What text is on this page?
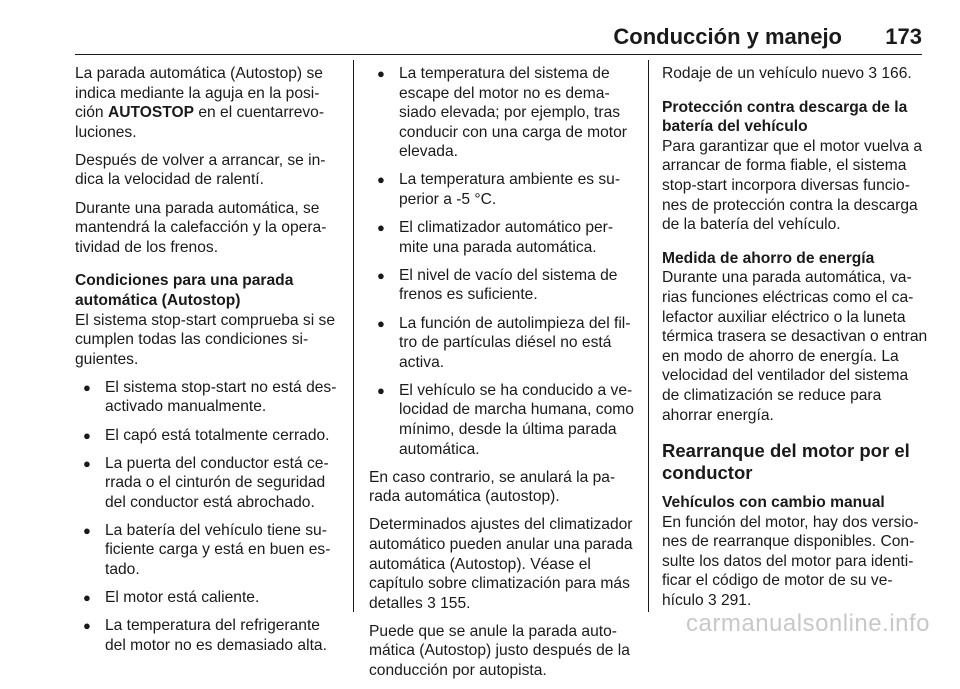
Conducción y manejo 173

La parada automática (Autostop) se indica mediante la aguja en la posición AUTOSTOP en el cuentarrevoluciones.

Después de volver a arrancar, se indica la velocidad de ralentí.

Durante una parada automática, se mantendrá la calefacción y la operatividad de los frenos.

Condiciones para una parada automática (Autostop)

El sistema stop-start comprueba si se cumplen todas las condiciones siguientes.

● El sistema stop-start no está desactivado manualmente.
● El capó está totalmente cerrado.
● La puerta del conductor está cerrada o el cinturón de seguridad del conductor está abrochado.
● La batería del vehículo tiene suficiente carga y está en buen estado.
● El motor está caliente.
● La temperatura del refrigerante del motor no es demasiado alta.
● La temperatura del sistema de escape del motor no es demasiado elevada; por ejemplo, tras conducir con una carga de motor elevada.
● La temperatura ambiente es superior a -5 °C.
● El climatizador automático permite una parada automática.
● El nivel de vacío del sistema de frenos es suficiente.
● La función de autolimpieza del filtro de partículas diésel no está activa.
● El vehículo se ha conducido a velocidad de marcha humana, como mínimo, desde la última parada automática.

En caso contrario, se anulará la parada automática (autostop).

Determinados ajustes del climatizador automático pueden anular una parada automática (Autostop). Véase el capítulo sobre climatización para más detalles 3 155.

Puede que se anule la parada automática (Autostop) justo después de la conducción por autopista.

Rodaje de un vehículo nuevo 3 166.

Protección contra descarga de la batería del vehículo

Para garantizar que el motor vuelva a arrancar de forma fiable, el sistema stop-start incorpora diversas funciones de protección contra la descarga de la batería del vehículo.

Medida de ahorro de energía

Durante una parada automática, varias funciones eléctricas como el calefactor auxiliar eléctrico o la luneta térmica trasera se desactivan o entran en modo de ahorro de energía. La velocidad del ventilador del sistema de climatización se reduce para ahorrar energía.

Rearranque del motor por el conductor
Vehículos con cambio manual

En función del motor, hay dos versiones de rearranque disponibles. Consulte los datos del motor para identificar el código de motor de su vehículo 3 291.

carmanualsonline.info
